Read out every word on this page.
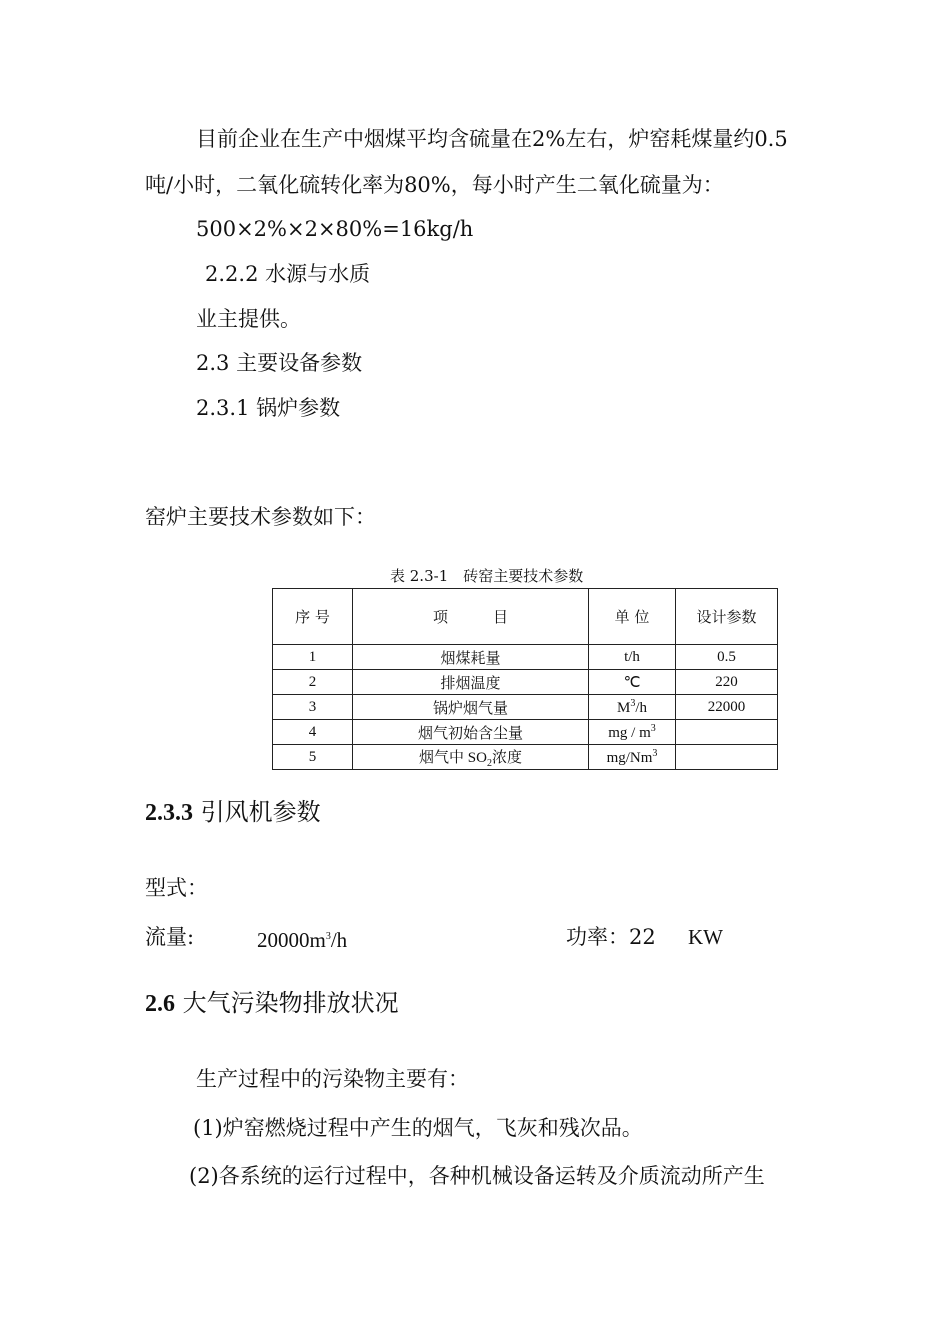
目前企业在生产中烟煤平均含硫量在2%左右，炉窑耗煤量约0.5
吨/小时，二氧化硫转化率为80%，每小时产生二氧化硫量为：
500×2%×2×80%=16kg/h
2.2.2 水源与水质
业主提供。
2.3 主要设备参数
2.3.1 锅炉参数
窑炉主要技术参数如下：
表 2.3-1　砖窑主要技术参数
序 号	项　　　目	单 位	设计参数
1	烟煤耗量	t/h	0.5
2	排烟温度	℃	220
3	锅炉烟气量	$M^3/h$	22000
4	烟气初始含尘量	mg / $m^3$	
5	烟气中 $SO_2$浓度	mg/Nm$^3$	
2.3.3 引风机参数
型式：
流量:	$20000m^3/h$	功率：22 KW
2.6 大气污染物排放状况
生产过程中的污染物主要有：
(1)炉窑燃烧过程中产生的烟气，飞灰和残次品。
(2)各系统的运行过程中，各种机械设备运转及介质流动所产生
